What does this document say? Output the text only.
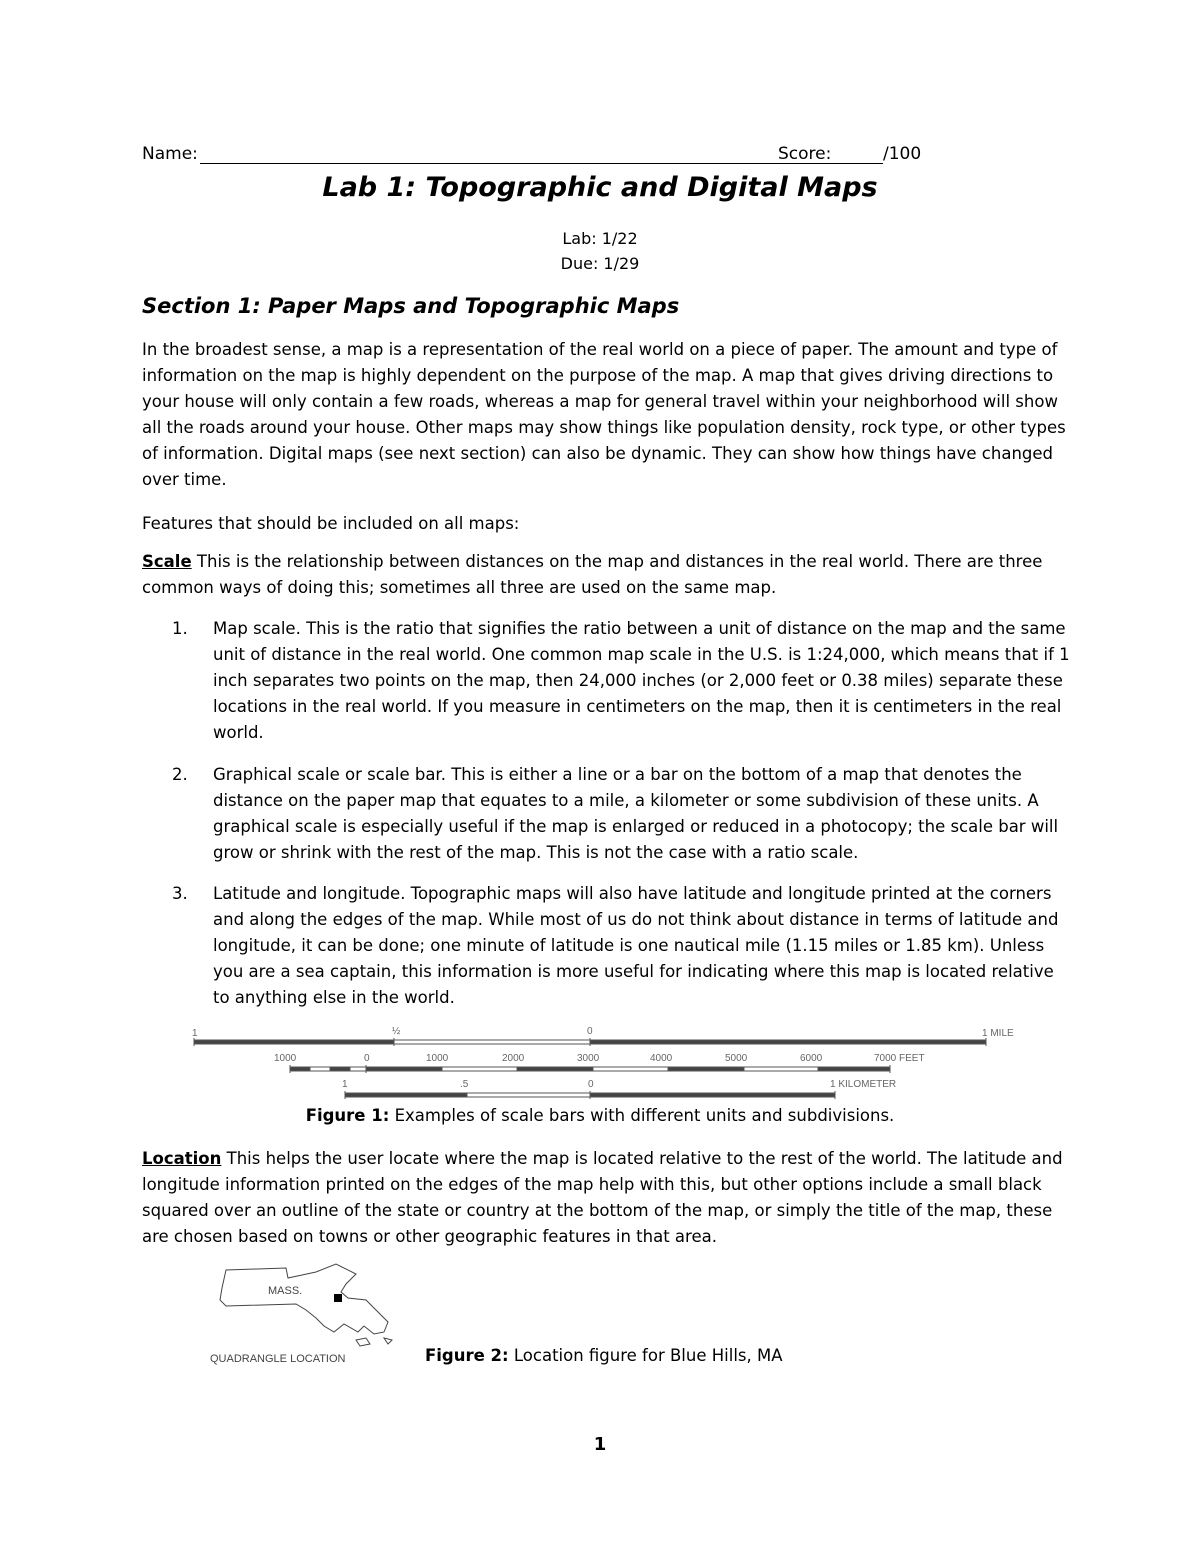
Name:	Score:	/100
Lab 1: Topographic and Digital Maps
Lab: 1/22
Due: 1/29
Section 1: Paper Maps and Topographic Maps

In the broadest sense, a map is a representation of the real world on a piece of paper. The amount and type of information on the map is highly dependent on the purpose of the map. A map that gives driving directions to your house will only contain a few roads, whereas a map for general travel within your neighborhood will show all the roads around your house. Other maps may show things like population density, rock type, or other types of information. Digital maps (see next section) can also be dynamic. They can show how things have changed over time.

Features that should be included on all maps:

Scale This is the relationship between distances on the map and distances in the real world. There are three common ways of doing this; sometimes all three are used on the same map.

1. Map scale. This is the ratio that signifies the ratio between a unit of distance on the map and the same unit of distance in the real world. One common map scale in the U.S. is 1:24,000, which means that if 1 inch separates two points on the map, then 24,000 inches (or 2,000 feet or 0.38 miles) separate these locations in the real world. If you measure in centimeters on the map, then it is centimeters in the real world.
2. Graphical scale or scale bar. This is either a line or a bar on the bottom of a map that denotes the distance on the paper map that equates to a mile, a kilometer or some subdivision of these units. A graphical scale is especially useful if the map is enlarged or reduced in a photocopy; the scale bar will grow or shrink with the rest of the map. This is not the case with a ratio scale.
3. Latitude and longitude. Topographic maps will also have latitude and longitude printed at the corners and along the edges of the map. While most of us do not think about distance in terms of latitude and longitude, it can be done; one minute of latitude is one nautical mile (1.15 miles or 1.85 km). Unless you are a sea captain, this information is more useful for indicating where this map is located relative to anything else in the world.
1	½	0	1 MILE
1000	0	1000	2000	3000	4000	5000	6000	7000 FEET
1	.5	0	1 KILOMETER
Figure 1: Examples of scale bars with different units and subdivisions.

Location This helps the user locate where the map is located relative to the rest of the world. The latitude and longitude information printed on the edges of the map help with this, but other options include a small black squared over an outline of the state or country at the bottom of the map, or simply the title of the map, these are chosen based on towns or other geographic features in that area.

MASS.
QUADRANGLE LOCATION	Figure 2: Location figure for Blue Hills, MA
1
